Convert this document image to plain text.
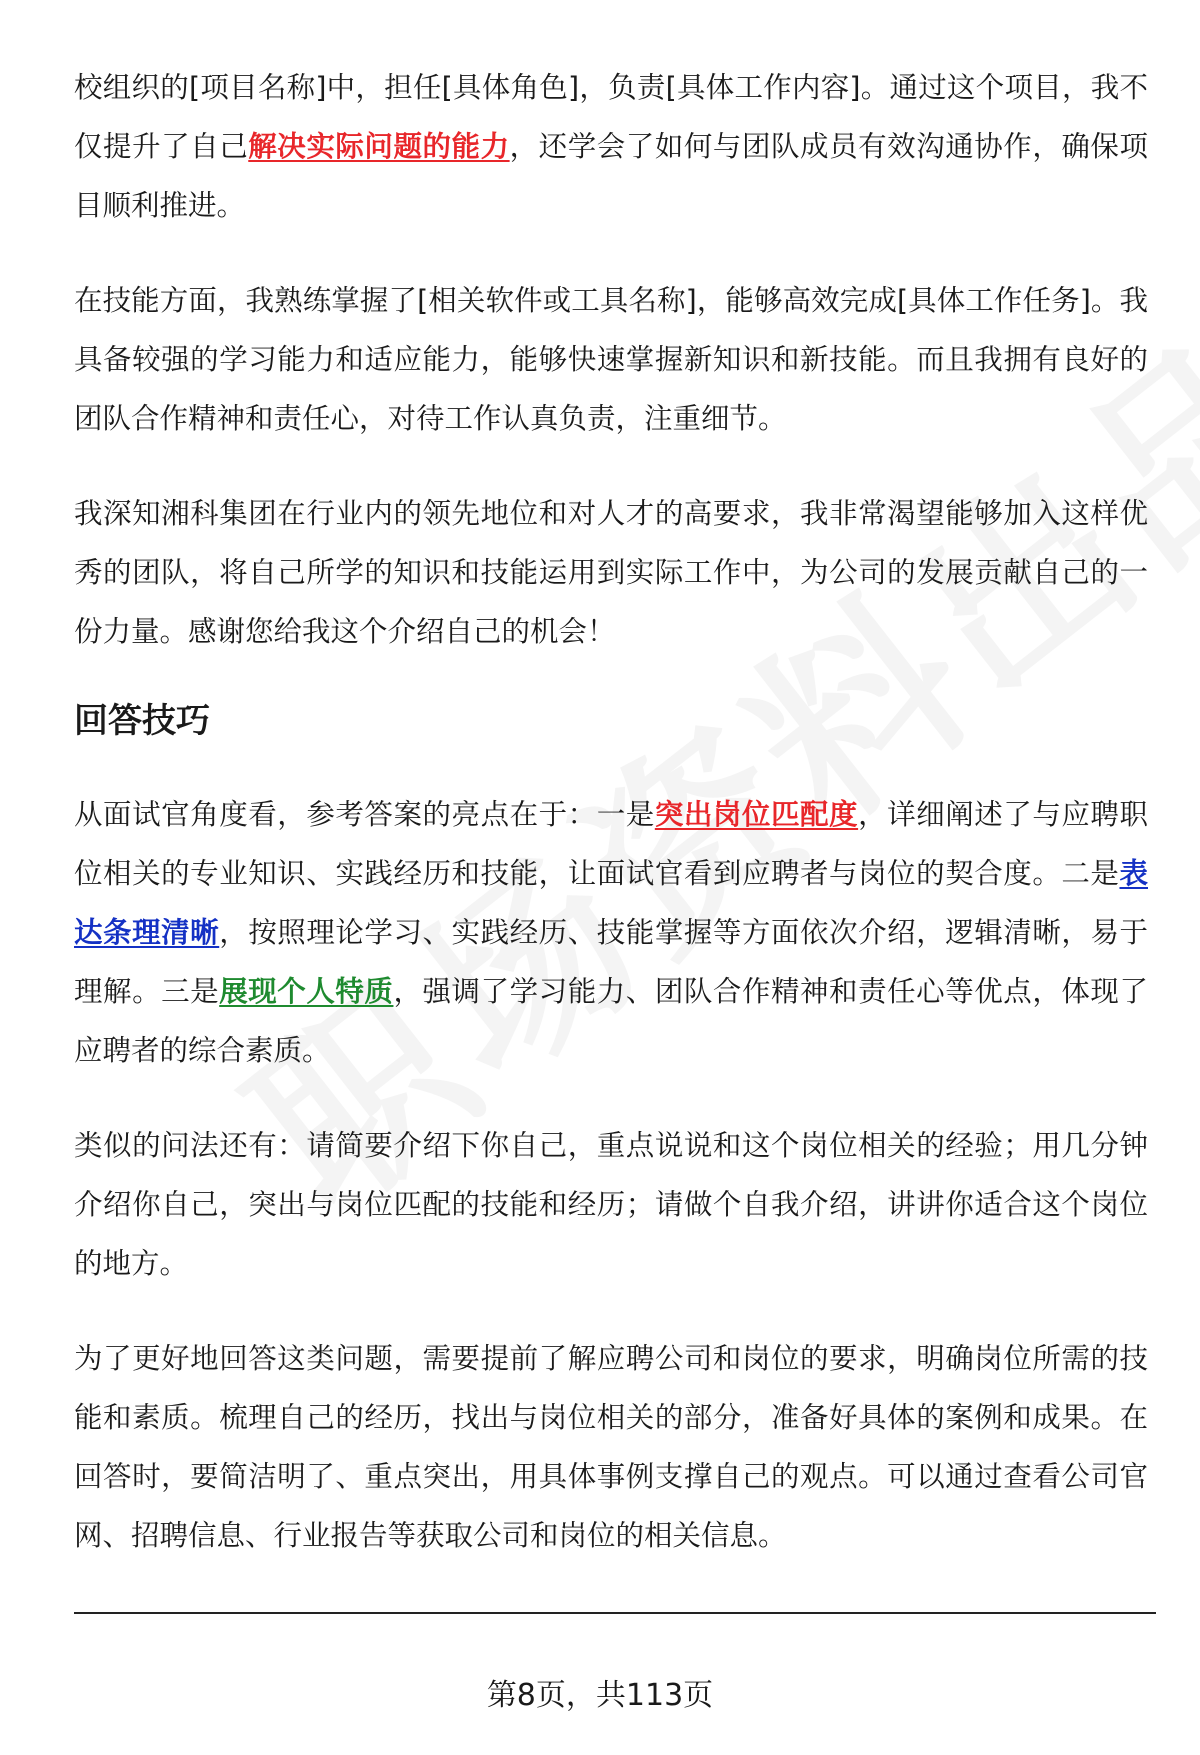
校组织的[项目名称]中，担任[具体角色]，负责[具体工作内容]。通过这个项目，我不仅提升了自己解决实际问题的能力，还学会了如何与团队成员有效沟通协作，确保项目顺利推进。

在技能方面，我熟练掌握了[相关软件或工具名称]，能够高效完成[具体工作任务]。我具备较强的学习能力和适应能力，能够快速掌握新知识和新技能。而且我拥有良好的团队合作精神和责任心，对待工作认真负责，注重细节。

我深知湘科集团在行业内的领先地位和对人才的高要求，我非常渴望能够加入这样优秀的团队，将自己所学的知识和技能运用到实际工作中，为公司的发展贡献自己的一份力量。感谢您给我这个介绍自己的机会！

回答技巧

从面试官角度看，参考答案的亮点在于：一是突出岗位匹配度，详细阐述了与应聘职位相关的专业知识、实践经历和技能，让面试官看到应聘者与岗位的契合度。二是表达条理清晰，按照理论学习、实践经历、技能掌握等方面依次介绍，逻辑清晰，易于理解。三是展现个人特质，强调了学习能力、团队合作精神和责任心等优点，体现了应聘者的综合素质。

类似的问法还有：请简要介绍下你自己，重点说说和这个岗位相关的经验；用几分钟介绍你自己，突出与岗位匹配的技能和经历；请做个自我介绍，讲讲你适合这个岗位的地方。

为了更好地回答这类问题，需要提前了解应聘公司和岗位的要求，明确岗位所需的技能和素质。梳理自己的经历，找出与岗位相关的部分，准备好具体的案例和成果。在回答时，要简洁明了、重点突出，用具体事例支撑自己的观点。可以通过查看公司官网、招聘信息、行业报告等获取公司和岗位的相关信息。

第8页，共113页
